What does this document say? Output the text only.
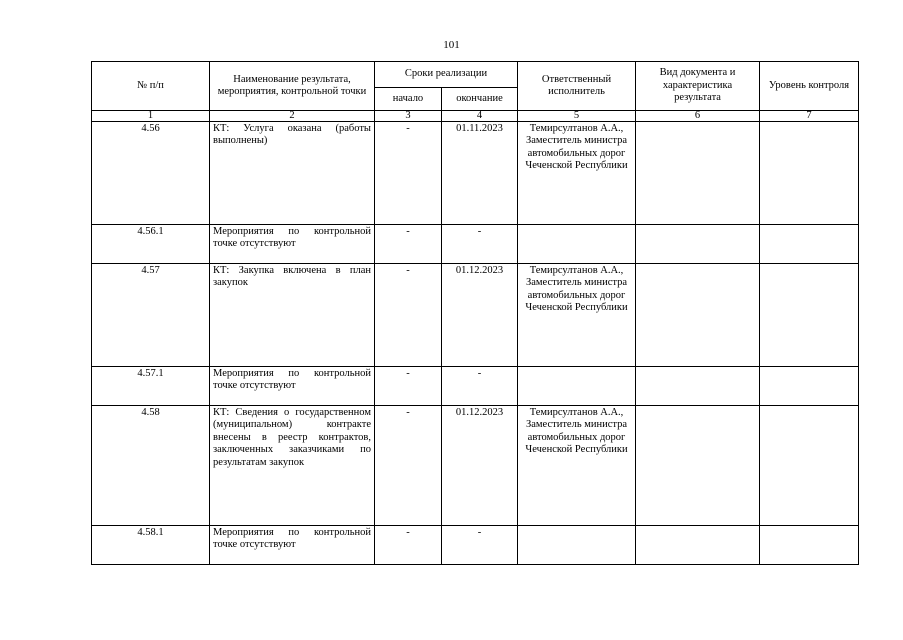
101
№ п/п	Наименование результата, мероприятия, контрольной точки	Сроки реализации		Ответственный исполнитель	Вид документа и характеристика результата	Уровень контроля
		начало	окончание			
1	2	3	4	5	6	7
4.56	КТ: Услуга оказана (работы выполнены)	-	01.11.2023	Темирсултанов А.А., Заместитель министра автомобильных дорог Чеченской Республики		
4.56.1	Мероприятия по контрольной точке отсутствуют	-	-			
4.57	КТ: Закупка включена в план закупок	-	01.12.2023	Темирсултанов А.А., Заместитель министра автомобильных дорог Чеченской Республики		
4.57.1	Мероприятия по контрольной точке отсутствуют	-	-			
4.58	КТ: Сведения о государственном (муниципальном) контракте внесены в реестр контрактов, заключенных заказчиками по результатам закупок	-	01.12.2023	Темирсултанов А.А., Заместитель министра автомобильных дорог Чеченской Республики		
4.58.1	Мероприятия по контрольной точке отсутствуют	-	-			
